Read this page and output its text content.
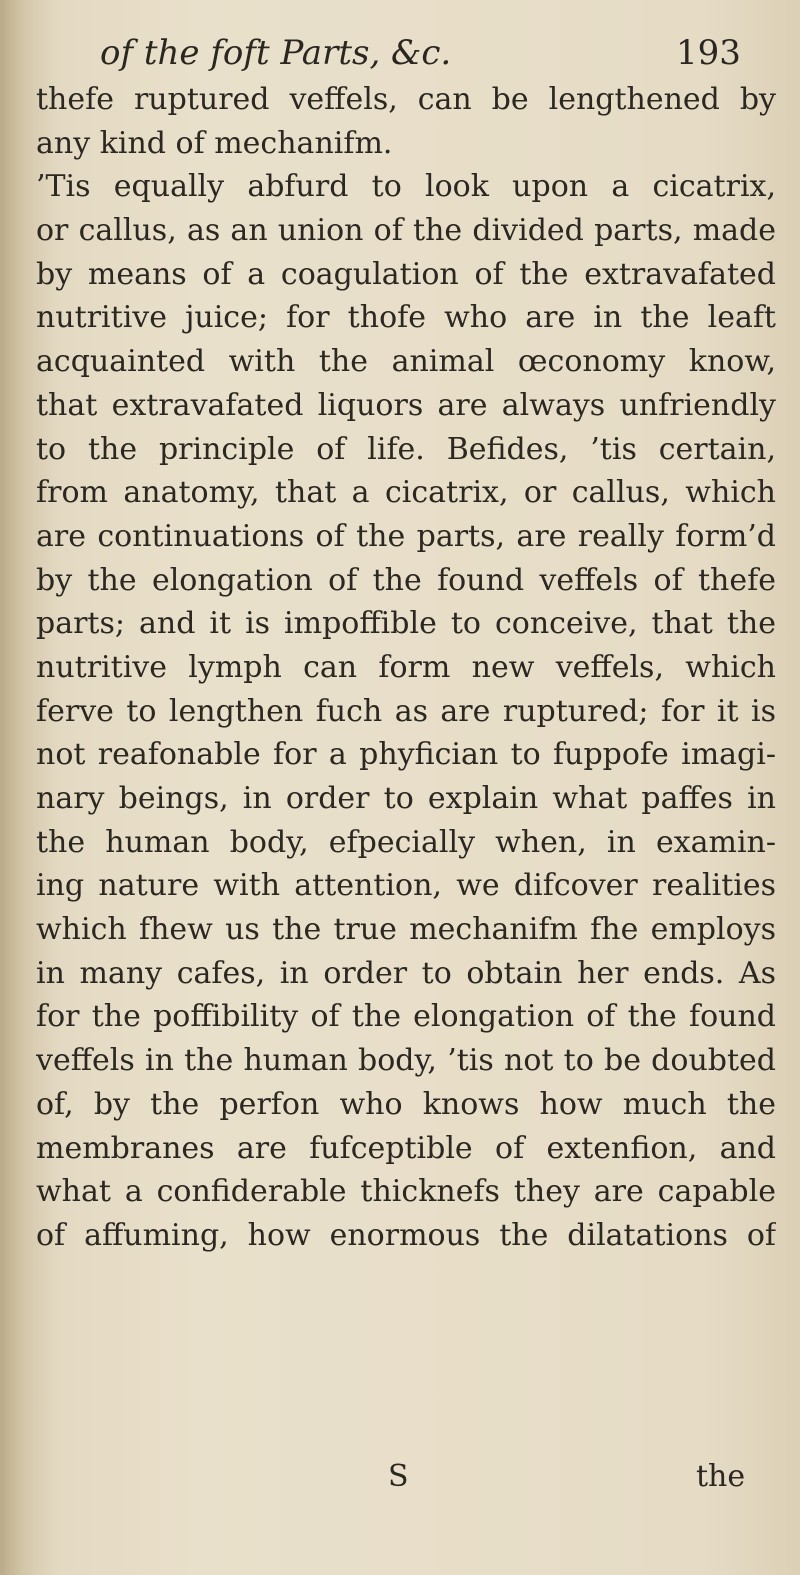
of the foft Parts, &c.	193
thefe ruptured veffels, can be lengthened by
any kind of mechanifm.
’Tis equally abfurd to look upon a cicatrix,
or callus, as an union of the divided parts, made
by means of a coagulation of the extravafated
nutritive juice; for thofe who are in the leaft
acquainted with the animal œconomy know,
that extravafated liquors are always unfriendly
to the principle of life. Befides, ’tis certain,
from anatomy, that a cicatrix, or callus, which
are continuations of the parts, are really form’d
by the elongation of the found veffels of thefe
parts; and it is impoffible to conceive, that the
nutritive lymph can form new veffels, which
ferve to lengthen fuch as are ruptured; for it is
not reafonable for a phyfician to fuppofe imagi-
nary beings, in order to explain what paffes in
the human body, efpecially when, in examin-
ing nature with attention, we difcover realities
which fhew us the true mechanifm fhe employs
in many cafes, in order to obtain her ends. As
for the poffibility of the elongation of the found
veffels in the human body, ’tis not to be doubted
of, by the perfon who knows how much the
membranes are fufceptible of extenfion, and
what a confiderable thicknefs they are capable
of affuming, how enormous the dilatations of
S	the
